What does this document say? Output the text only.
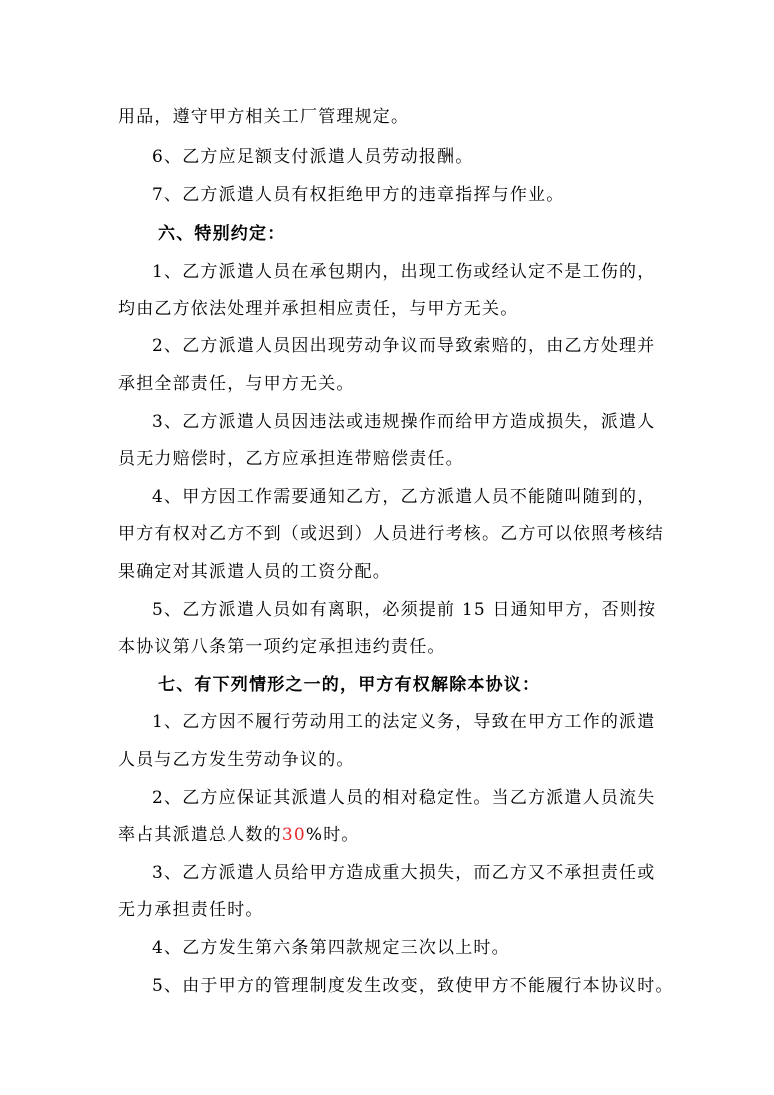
用品，遵守甲方相关工厂管理规定。
6、乙方应足额支付派遣人员劳动报酬。
7、乙方派遣人员有权拒绝甲方的违章指挥与作业。
六、特别约定：
1、乙方派遣人员在承包期内，出现工伤或经认定不是工伤的，
均由乙方依法处理并承担相应责任，与甲方无关。
2、乙方派遣人员因出现劳动争议而导致索赔的，由乙方处理并
承担全部责任，与甲方无关。
3、乙方派遣人员因违法或违规操作而给甲方造成损失，派遣人
员无力赔偿时，乙方应承担连带赔偿责任。
4、甲方因工作需要通知乙方，乙方派遣人员不能随叫随到的，
甲方有权对乙方不到（或迟到）人员进行考核。乙方可以依照考核结
果确定对其派遣人员的工资分配。
5、乙方派遣人员如有离职，必须提前 15 日通知甲方，否则按
本协议第八条第一项约定承担违约责任。
七、有下列情形之一的，甲方有权解除本协议：
1、乙方因不履行劳动用工的法定义务，导致在甲方工作的派遣
人员与乙方发生劳动争议的。
2、乙方应保证其派遣人员的相对稳定性。当乙方派遣人员流失
率占其派遣总人数的30%时。
3、乙方派遣人员给甲方造成重大损失，而乙方又不承担责任或
无力承担责任时。
4、乙方发生第六条第四款规定三次以上时。
5、由于甲方的管理制度发生改变，致使甲方不能履行本协议时。
